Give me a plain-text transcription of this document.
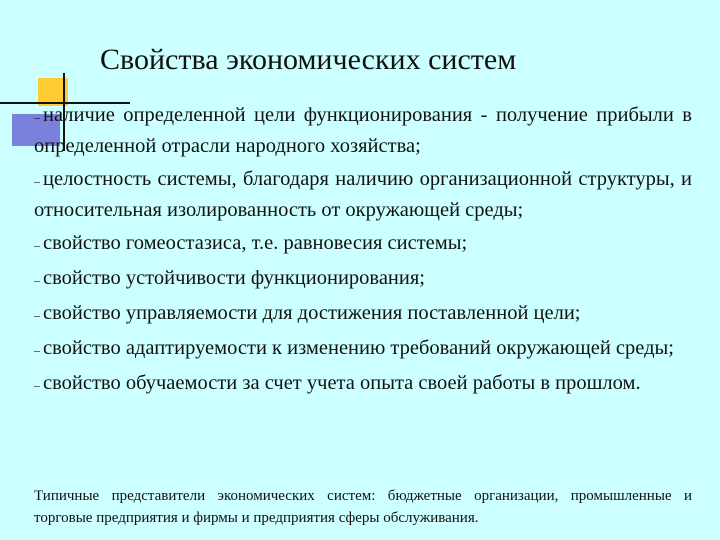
Свойства экономических систем
– наличие определенной цели функционирования - получение прибыли в определенной отрасли народного хозяйства;
– целостность системы, благодаря наличию организационной структуры, и относительная изолированность от окружающей среды;
– свойство гомеостазиса, т.е. равновесия системы;
– свойство устойчивости функционирования;
– свойство управляемости для достижения поставленной цели;
– свойство адаптируемости к изменению требований окружающей среды;
– свойство обучаемости за счет учета опыта своей работы в прошлом.
Типичные представители экономических систем: бюджетные организации, промышленные и торговые предприятия и фирмы и предприятия сферы обслуживания.
